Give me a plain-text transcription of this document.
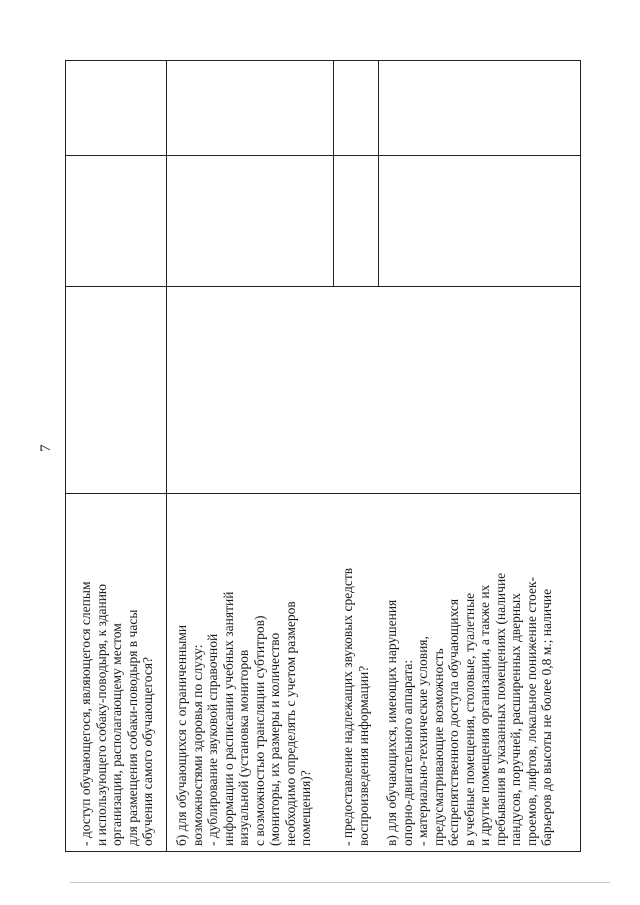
7

- доступ обучающегося, являющегося слепым и использующего собаку-поводыря, к зданию организации, располагающему местом для размещения собаки-поводыря в часы обучения самого обучающегося? б) для обучающихся с ограниченными возможностями здоровья по слуху: - дублирование звуковой справочной информации о расписании учебных занятий визуальной (установка мониторов с возможностью трансляции субтитров) (мониторы, их размеры и количество необходимо определять с учетом размеров помещения)? - предоставление надлежащих звуковых средств воспроизведения информации? в) для обучающихся, имеющих нарушения опорно-двигательного аппарата: - материально-технические условия, предусматривающие возможность беспрепятственного доступа обучающихся в учебные помещения, столовые, туалетные и другие помещения организации, а также их пребывания в указанных помещениях (наличие пандусов, поручней, расширенных дверных проемов, лифтов, локальное понижение стоек- барьеров до высоты не более 0,8 м.; наличие
